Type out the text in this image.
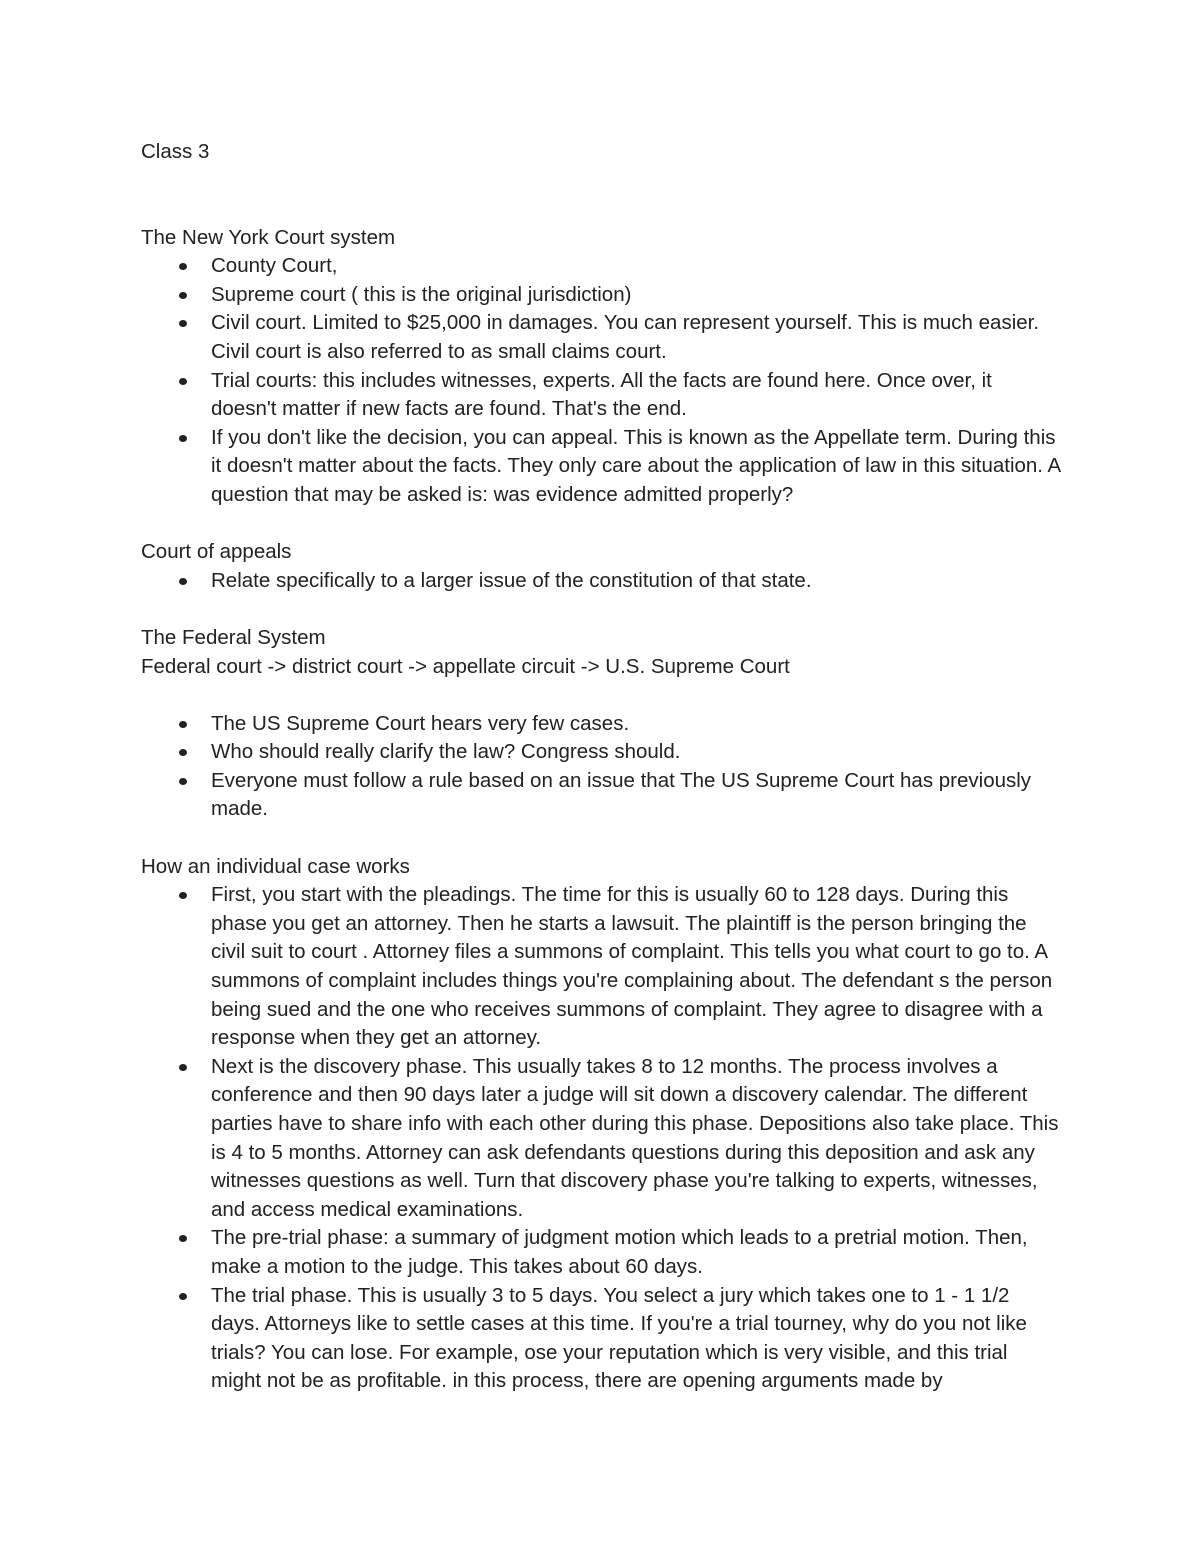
Class 3

The New York Court system

County Court,
Supreme court ( this is the original jurisdiction)
Civil court. Limited to $25,000 in damages. You can represent yourself. This is much easier. Civil court is also referred to as small claims court.
Trial courts: this includes witnesses, experts. All the facts are found here. Once over, it doesn't matter if new facts are found. That's the end.
If you don't like the decision, you can appeal. This is known as the Appellate term. During this it doesn't matter about the facts. They only care about the application of law in this situation. A question that may be asked is: was evidence admitted properly?

Court of appeals

Relate specifically to a larger issue of the constitution of that state.

The Federal System

Federal court -> district court -> appellate circuit -> U.S. Supreme Court

The US Supreme Court hears very few cases.
Who should really clarify the law? Congress should.
Everyone must follow a rule based on an issue that The US Supreme Court has previously made.

How an individual case works

First, you start with the pleadings. The time for this is usually 60 to 128 days. During this phase you get an attorney. Then he starts a lawsuit. The plaintiff is the person bringing the civil suit to court . Attorney files a summons of complaint. This tells you what court to go to. A summons of complaint includes things you're complaining about. The defendant s the person being sued and the one who receives summons of complaint. They agree to disagree with a response when they get an attorney.
Next is the discovery phase. This usually takes 8 to 12 months. The process involves a conference and then 90 days later a judge will sit down a discovery calendar. The different parties have to share info with each other during this phase. Depositions also take place. This is 4 to 5 months. Attorney can ask defendants questions during this deposition and ask any witnesses questions as well. Turn that discovery phase you're talking to experts, witnesses, and access medical examinations.
The pre-trial phase: a summary of judgment motion which leads to a pretrial motion. Then, make a motion to the judge. This takes about 60 days.
The trial phase. This is usually 3 to 5 days. You select a jury which takes one to 1 - 1 1/2 days. Attorneys like to settle cases at this time. If you're a trial tourney, why do you not like trials? You can lose. For example, ose your reputation which is very visible, and this trial might not be as profitable. in this process, there are opening arguments made by
